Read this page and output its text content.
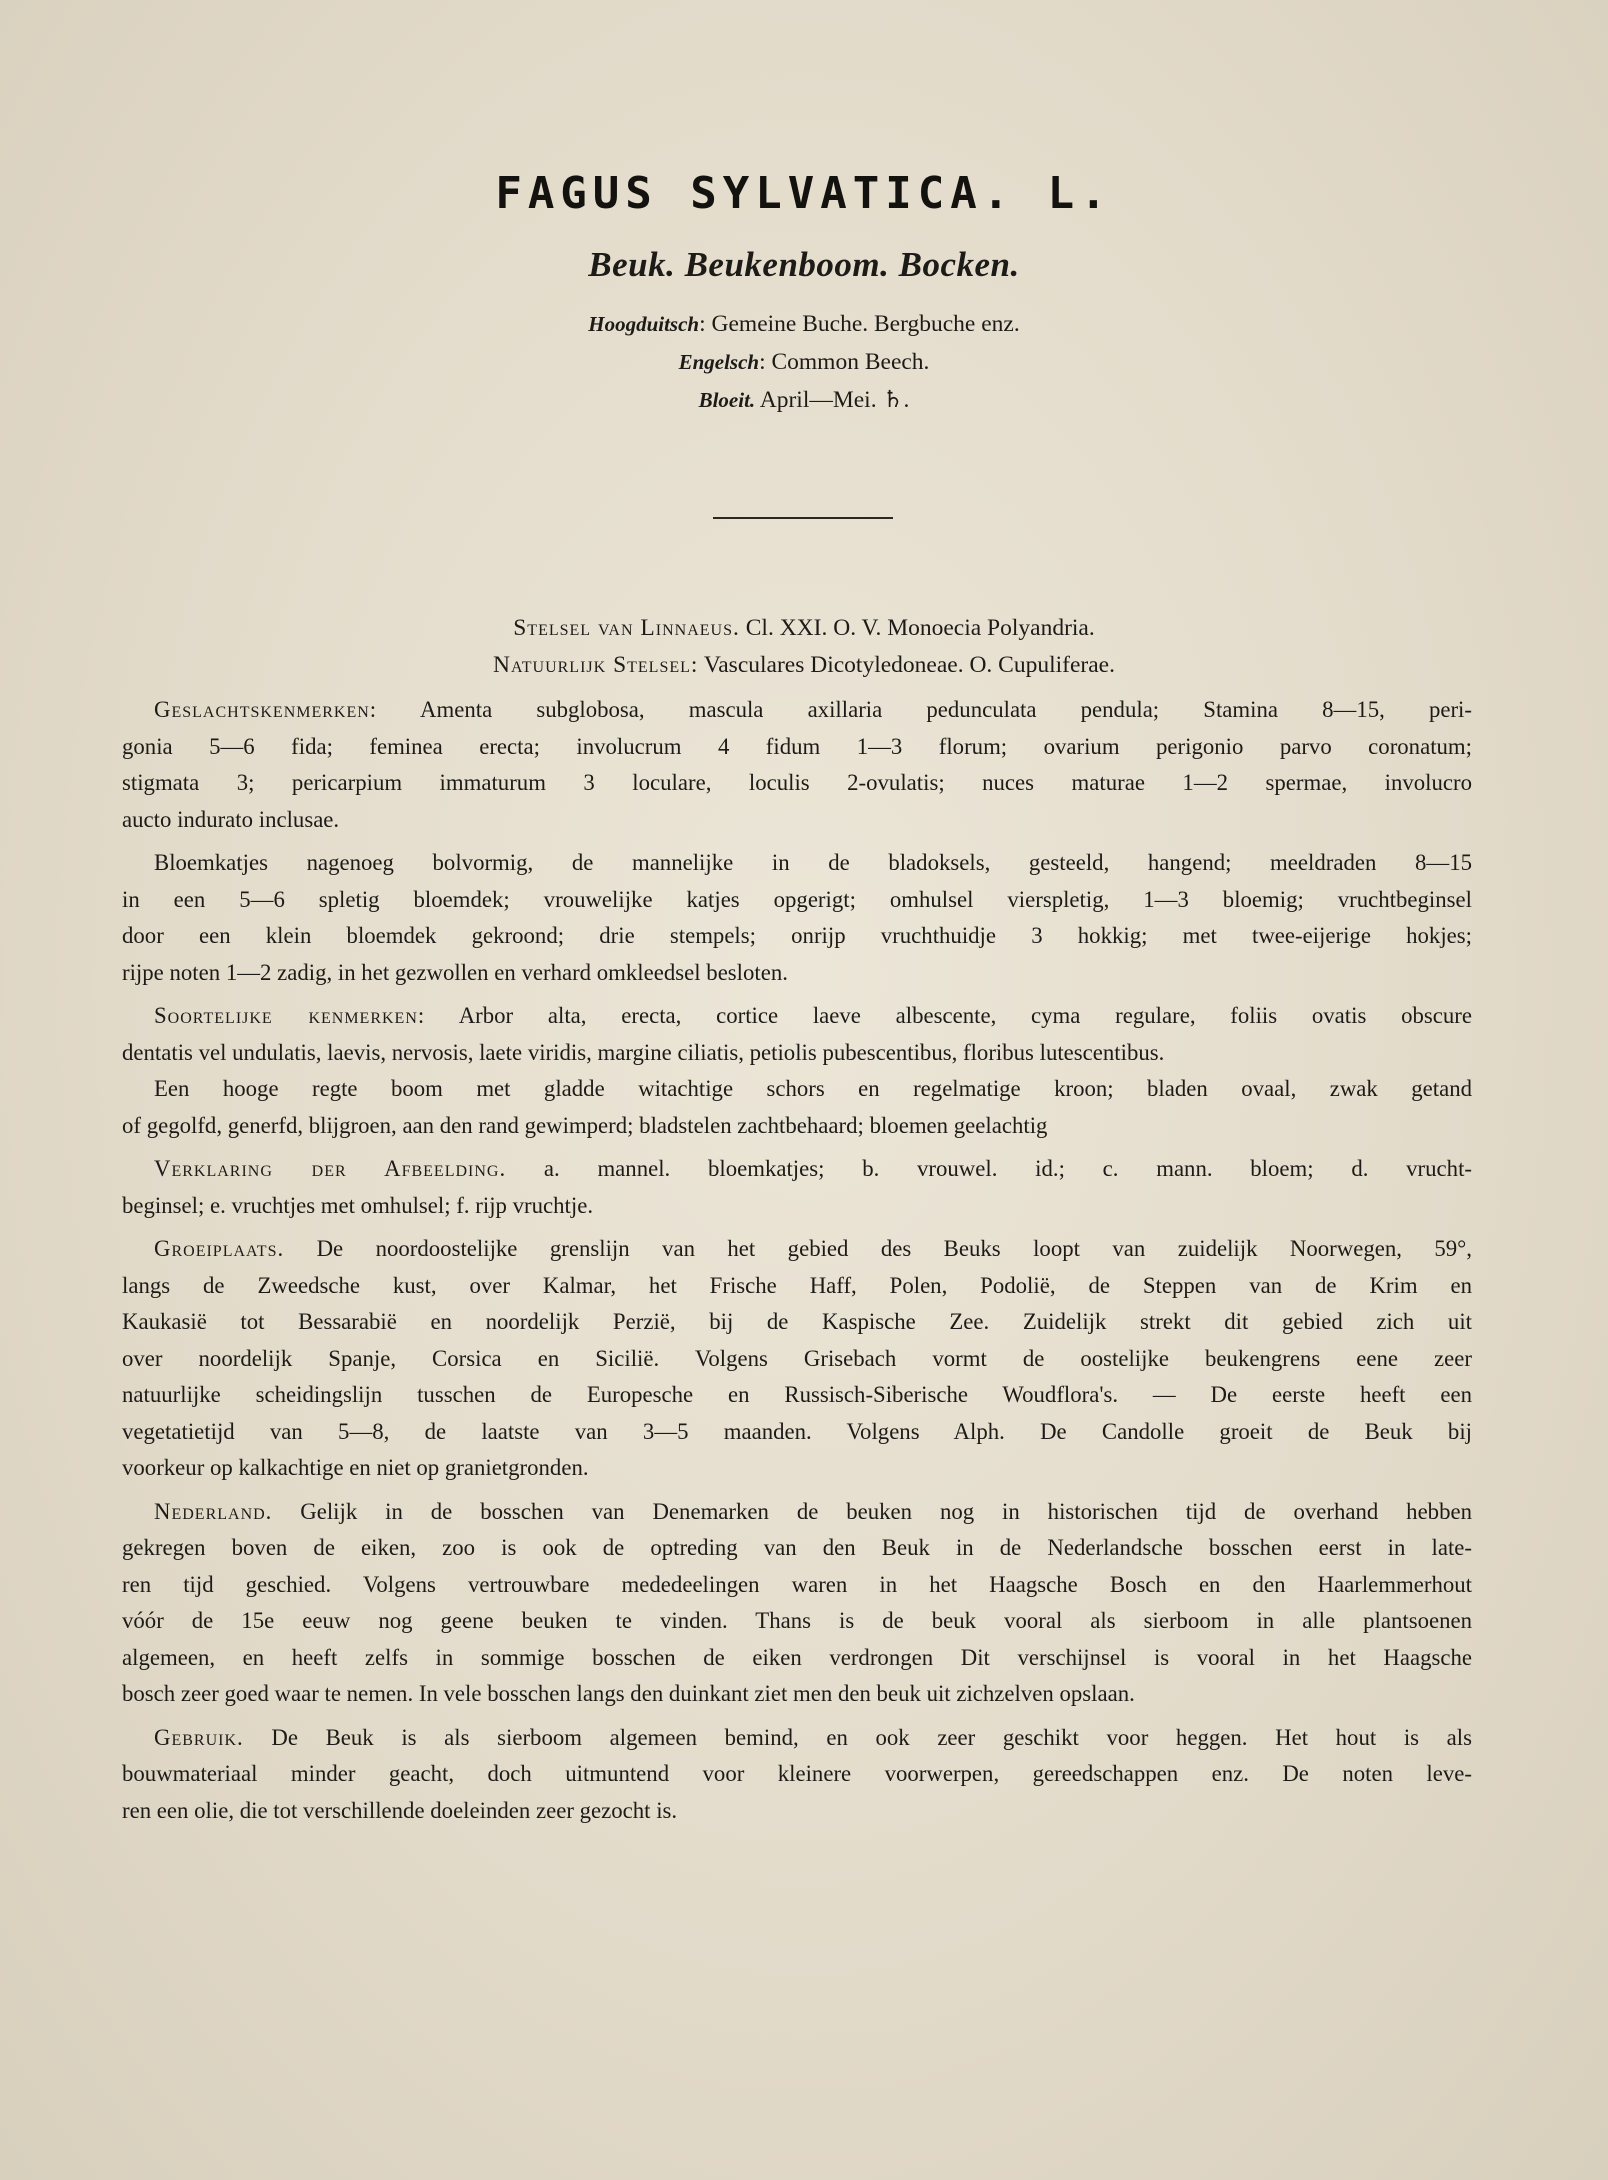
FAGUS SYLVATICA. L.
Beuk. Beukenboom. Bocken.
Hoogduitsch: Gemeine Buche. Bergbuche enz.
Engelsch: Common Beech.
Bloeit. April—Mei. ♄.
Stelsel van Linnaeus. Cl. XXI. O. V. Monoecia Polyandria.
Natuurlijk Stelsel: Vasculares Dicotyledoneae. O. Cupuliferae.
Geslachtskenmerken: Amenta subglobosa, mascula axillaria pedunculata pendula; Stamina 8—15, peri-
gonia 5—6 fida; feminea erecta; involucrum 4 fidum 1—3 florum; ovarium perigonio parvo coronatum;
stigmata 3; pericarpium immaturum 3 loculare, loculis 2-ovulatis; nuces maturae 1—2 spermae, involucro
aucto indurato inclusae.
Bloemkatjes nagenoeg bolvormig, de mannelijke in de bladoksels, gesteeld, hangend; meeldraden 8—15
in een 5—6 spletig bloemdek; vrouwelijke katjes opgerigt; omhulsel vierspletig, 1—3 bloemig; vruchtbeginsel
door een klein bloemdek gekroond; drie stempels; onrijp vruchthuidje 3 hokkig; met twee-eijerige hokjes;
rijpe noten 1—2 zadig, in het gezwollen en verhard omkleedsel besloten.
Soortelijke kenmerken: Arbor alta, erecta, cortice laeve albescente, cyma regulare, foliis ovatis obscure
dentatis vel undulatis, laevis, nervosis, laete viridis, margine ciliatis, petiolis pubescentibus, floribus lutescentibus.
Een hooge regte boom met gladde witachtige schors en regelmatige kroon; bladen ovaal, zwak getand
of gegolfd, generfd, blijgroen, aan den rand gewimperd; bladstelen zachtbehaard; bloemen geelachtig
Verklaring der Afbeelding. a. mannel. bloemkatjes; b. vrouwel. id.; c. mann. bloem; d. vrucht-
beginsel; e. vruchtjes met omhulsel; f. rijp vruchtje.
Groeiplaats. De noordoostelijke grenslijn van het gebied des Beuks loopt van zuidelijk Noorwegen, 59°,
langs de Zweedsche kust, over Kalmar, het Frische Haff, Polen, Podolië, de Steppen van de Krim en
Kaukasië tot Bessarabië en noordelijk Perzië, bij de Kaspische Zee. Zuidelijk strekt dit gebied zich uit
over noordelijk Spanje, Corsica en Sicilië. Volgens Grisebach vormt de oostelijke beukengrens eene zeer
natuurlijke scheidingslijn tusschen de Europesche en Russisch-Siberische Woudflora's. — De eerste heeft een
vegetatietijd van 5—8, de laatste van 3—5 maanden. Volgens Alph. De Candolle groeit de Beuk bij
voorkeur op kalkachtige en niet op granietgronden.
Nederland. Gelijk in de bosschen van Denemarken de beuken nog in historischen tijd de overhand hebben
gekregen boven de eiken, zoo is ook de optreding van den Beuk in de Nederlandsche bosschen eerst in late-
ren tijd geschied. Volgens vertrouwbare mededeelingen waren in het Haagsche Bosch en den Haarlemmerhout
vóór de 15e eeuw nog geene beuken te vinden. Thans is de beuk vooral als sierboom in alle plantsoenen
algemeen, en heeft zelfs in sommige bosschen de eiken verdrongen Dit verschijnsel is vooral in het Haagsche
bosch zeer goed waar te nemen. In vele bosschen langs den duinkant ziet men den beuk uit zichzelven opslaan.
Gebruik. De Beuk is als sierboom algemeen bemind, en ook zeer geschikt voor heggen. Het hout is als
bouwmateriaal minder geacht, doch uitmuntend voor kleinere voorwerpen, gereedschappen enz. De noten leve-
ren een olie, die tot verschillende doeleinden zeer gezocht is.
